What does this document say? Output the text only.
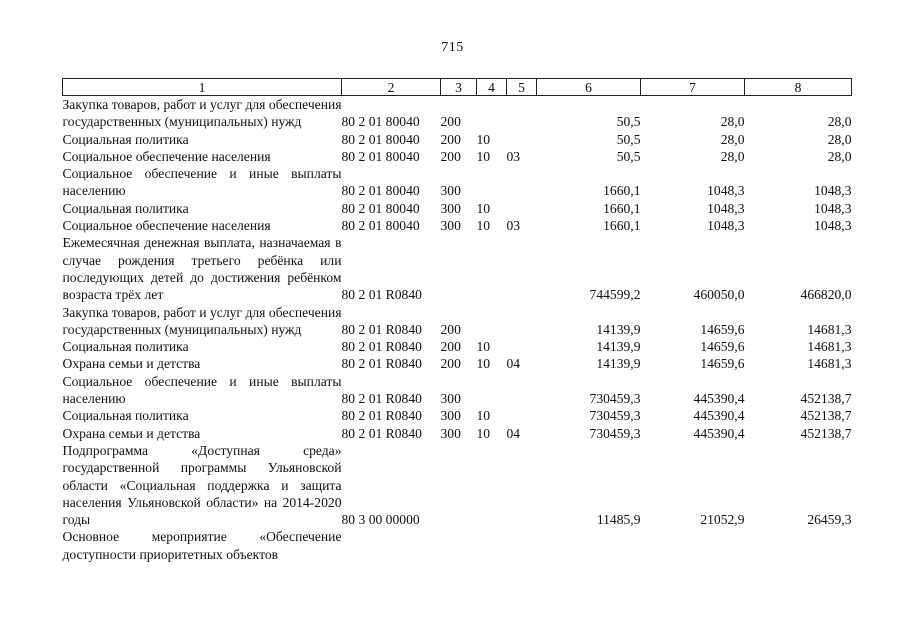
715
1	2	3	4	5	6	7	8
Закупка товаров, работ и услуг для обеспечения государственных (муниципальных) нужд	80 2 01 80040	200			50,5	28,0	28,0
Социальная политика	80 2 01 80040	200	10		50,5	28,0	28,0
Социальное обеспечение населения	80 2 01 80040	200	10	03	50,5	28,0	28,0
Социальное обеспечение и иные выплаты населению	80 2 01 80040	300			1660,1	1048,3	1048,3
Социальная политика	80 2 01 80040	300	10		1660,1	1048,3	1048,3
Социальное обеспечение населения	80 2 01 80040	300	10	03	1660,1	1048,3	1048,3
Ежемесячная денежная выплата, назначаемая в случае рождения третьего ребёнка или последующих детей до достижения ребёнком возраста трёх лет	80 2 01 R0840				744599,2	460050,0	466820,0
Закупка товаров, работ и услуг для обеспечения государственных (муниципальных) нужд	80 2 01 R0840	200			14139,9	14659,6	14681,3
Социальная политика	80 2 01 R0840	200	10		14139,9	14659,6	14681,3
Охрана семьи и детства	80 2 01 R0840	200	10	04	14139,9	14659,6	14681,3
Социальное обеспечение и иные выплаты населению	80 2 01 R0840	300			730459,3	445390,4	452138,7
Социальная политика	80 2 01 R0840	300	10		730459,3	445390,4	452138,7
Охрана семьи и детства	80 2 01 R0840	300	10	04	730459,3	445390,4	452138,7
Подпрограмма «Доступная среда» государственной программы Ульяновской области «Социальная поддержка и защита населения Ульяновской области» на 2014-2020 годы	80 3 00 00000				11485,9	21052,9	26459,3
Основное мероприятие «Обеспечение доступности приоритетных объектов							
